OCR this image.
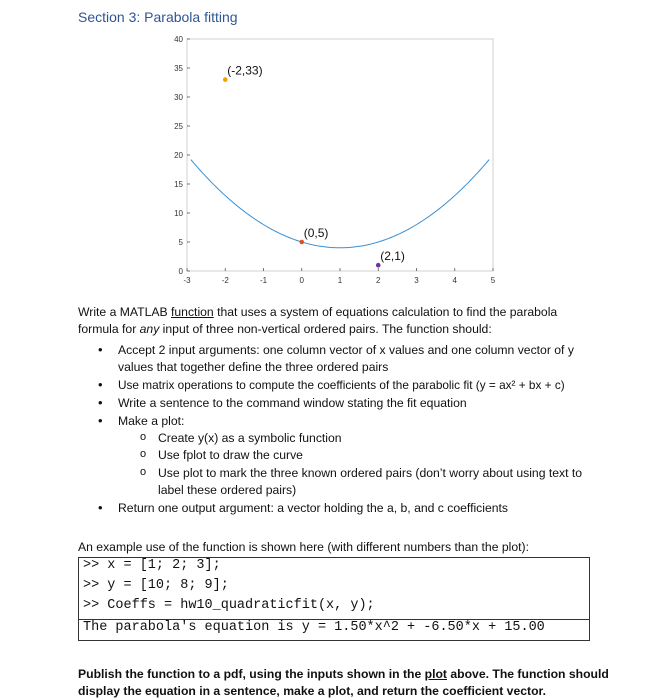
Section 3: Parabola fitting
0
5
10
15
20
25
30
35
40
-3	-2	-1	0	1	2	3	4	5
(-2,33)
(0,5)
(2,1)
Write a MATLAB function that uses a system of equations calculation to find the parabola
formula for any input of three non-vertical ordered pairs. The function should:
• Accept 2 input arguments: one column vector of x values and one column vector of y
values that together define the three ordered pairs
• Use matrix operations to compute the coefficients of the parabolic fit (y = ax² + bx + c)
• Write a sentence to the command window stating the fit equation
• Make a plot:
o Create y(x) as a symbolic function
o Use fplot to draw the curve
o Use plot to mark the three known ordered pairs (don’t worry about using text to
label these ordered pairs)
• Return one output argument: a vector holding the a, b, and c coefficients
An example use of the function is shown here (with different numbers than the plot):
>> x = [1; 2; 3];
>> y = [10; 8; 9];
>> Coeffs = hw10_quadraticfit(x, y);
The parabola's equation is y = 1.50*x^2 + -6.50*x + 15.00
Publish the function to a pdf, using the inputs shown in the plot above. The function should display the equation in a sentence, make a plot, and return the coefficient vector.
